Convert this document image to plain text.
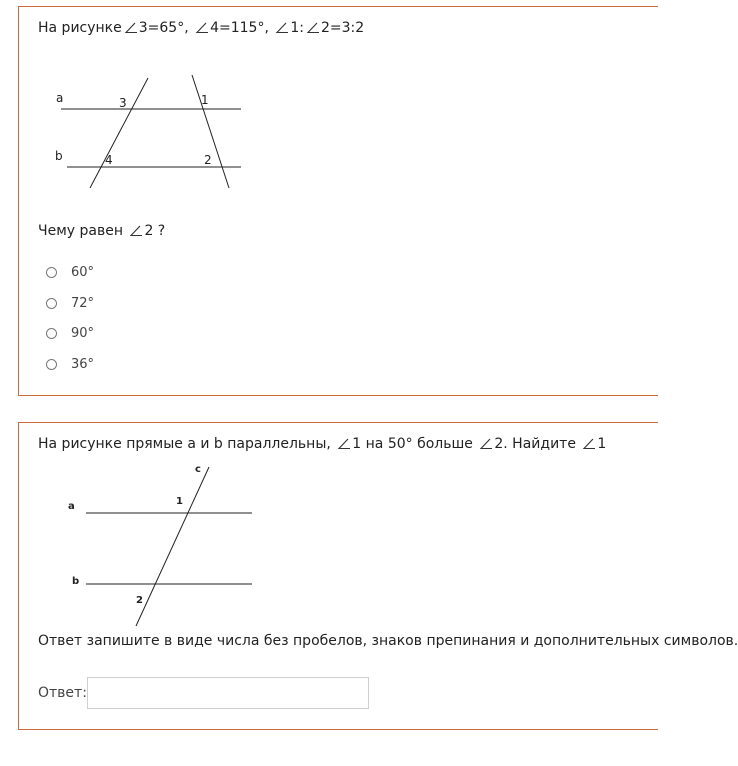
На рисунке 3=65°, 4=115°, 1: 2=3:2
a
b
3	1
4	2
Чему равен 2 ?
60°
72°
90°
36°
На рисунке прямые a и b параллельны, 1 на 50° больше 2. Найдите 1
c
a
b
1
2
Ответ запишите в виде числа без пробелов, знаков препинания и дополнительных символов.
Ответ:
